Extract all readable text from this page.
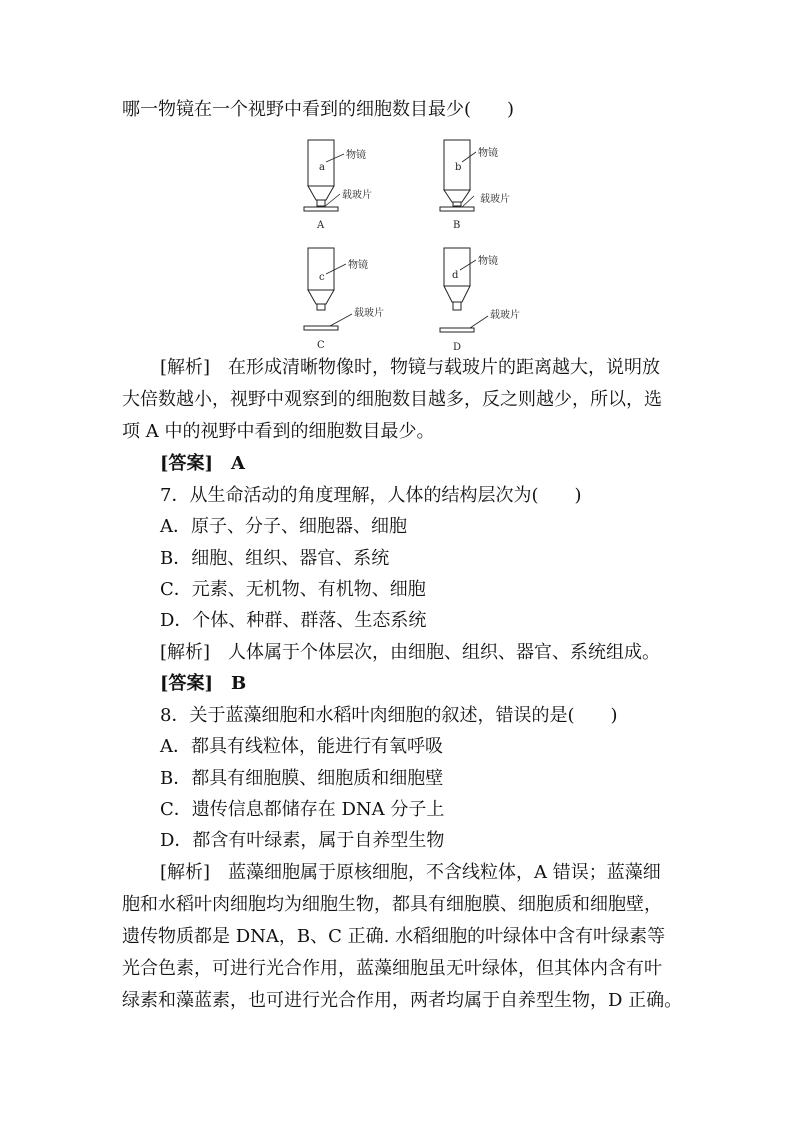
哪一物镜在一个视野中看到的细胞数目最少(　　)
a
物镜
载玻片
A
b
物镜
载玻片
B
c
物镜
载玻片
C
d
物镜
载玻片
D
[解析]　在形成清晰物像时，物镜与载玻片的距离越大，说明放
大倍数越小，视野中观察到的细胞数目越多，反之则越少，所以，选
项 A 中的视野中看到的细胞数目最少。
[答案]　A
7．从生命活动的角度理解，人体的结构层次为(　　)
A．原子、分子、细胞器、细胞
B．细胞、组织、器官、系统
C．元素、无机物、有机物、细胞
D．个体、种群、群落、生态系统
[解析]　人体属于个体层次，由细胞、组织、器官、系统组成。
[答案]　B
8．关于蓝藻细胞和水稻叶肉细胞的叙述，错误的是(　　)
A．都具有线粒体，能进行有氧呼吸
B．都具有细胞膜、细胞质和细胞壁
C．遗传信息都储存在 DNA 分子上
D．都含有叶绿素，属于自养型生物
[解析]　蓝藻细胞属于原核细胞，不含线粒体，A 错误；蓝藻细
胞和水稻叶肉细胞均为细胞生物，都具有细胞膜、细胞质和细胞壁，
遗传物质都是 DNA，B、C 正确. 水稻细胞的叶绿体中含有叶绿素等
光合色素，可进行光合作用，蓝藻细胞虽无叶绿体，但其体内含有叶
绿素和藻蓝素，也可进行光合作用，两者均属于自养型生物，D 正确。
